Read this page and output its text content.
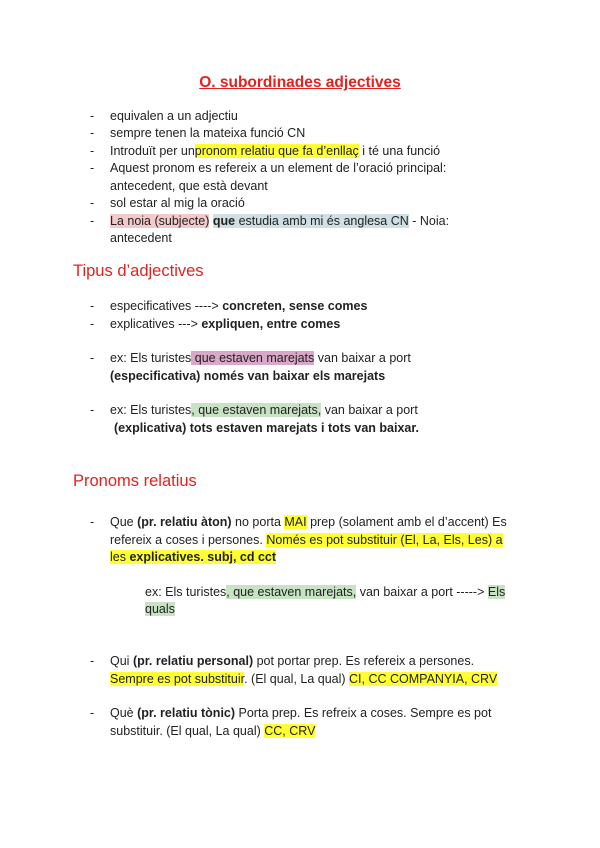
O. subordinades adjectives
- equivalen a un adjectiu
- sempre tenen la mateixa funció CN
- Introduït per unpronom relatiu que fa d’enllaç i té una funció
- Aquest pronom es refereix a un element de l’oració principal:
antecedent, que està devant
- sol estar al mig la oració
- La noia (subjecte) que estudia amb mi és anglesa CN - Noia:
antecedent
Tipus d’adjectives
- especificatives ----> concreten, sense comes
- explicatives ---> expliquen, entre comes
- ex: Els turistes que estaven marejats van baixar a port
(especificativa) només van baixar els marejats
- ex: Els turistes, que estaven marejats, van baixar a port
(explicativa) tots estaven marejats i tots van baixar.
Pronoms relatius
- Que (pr. relatiu àton) no porta MAI prep (solament amb el d’accent) Es
refereix a coses i persones. Només es pot substituir (El, La, Els, Les) a
les explicatives. subj, cd cct
ex: Els turistes, que estaven marejats, van baixar a port -----> Els
quals
- Qui (pr. relatiu personal) pot portar prep. Es refereix a persones.
Sempre es pot substituir. (El qual, La qual) CI, CC COMPANYIA, CRV
- Què (pr. relatiu tònic) Porta prep. Es refreix a coses. Sempre es pot
substituir. (El qual, La qual) CC, CRV
